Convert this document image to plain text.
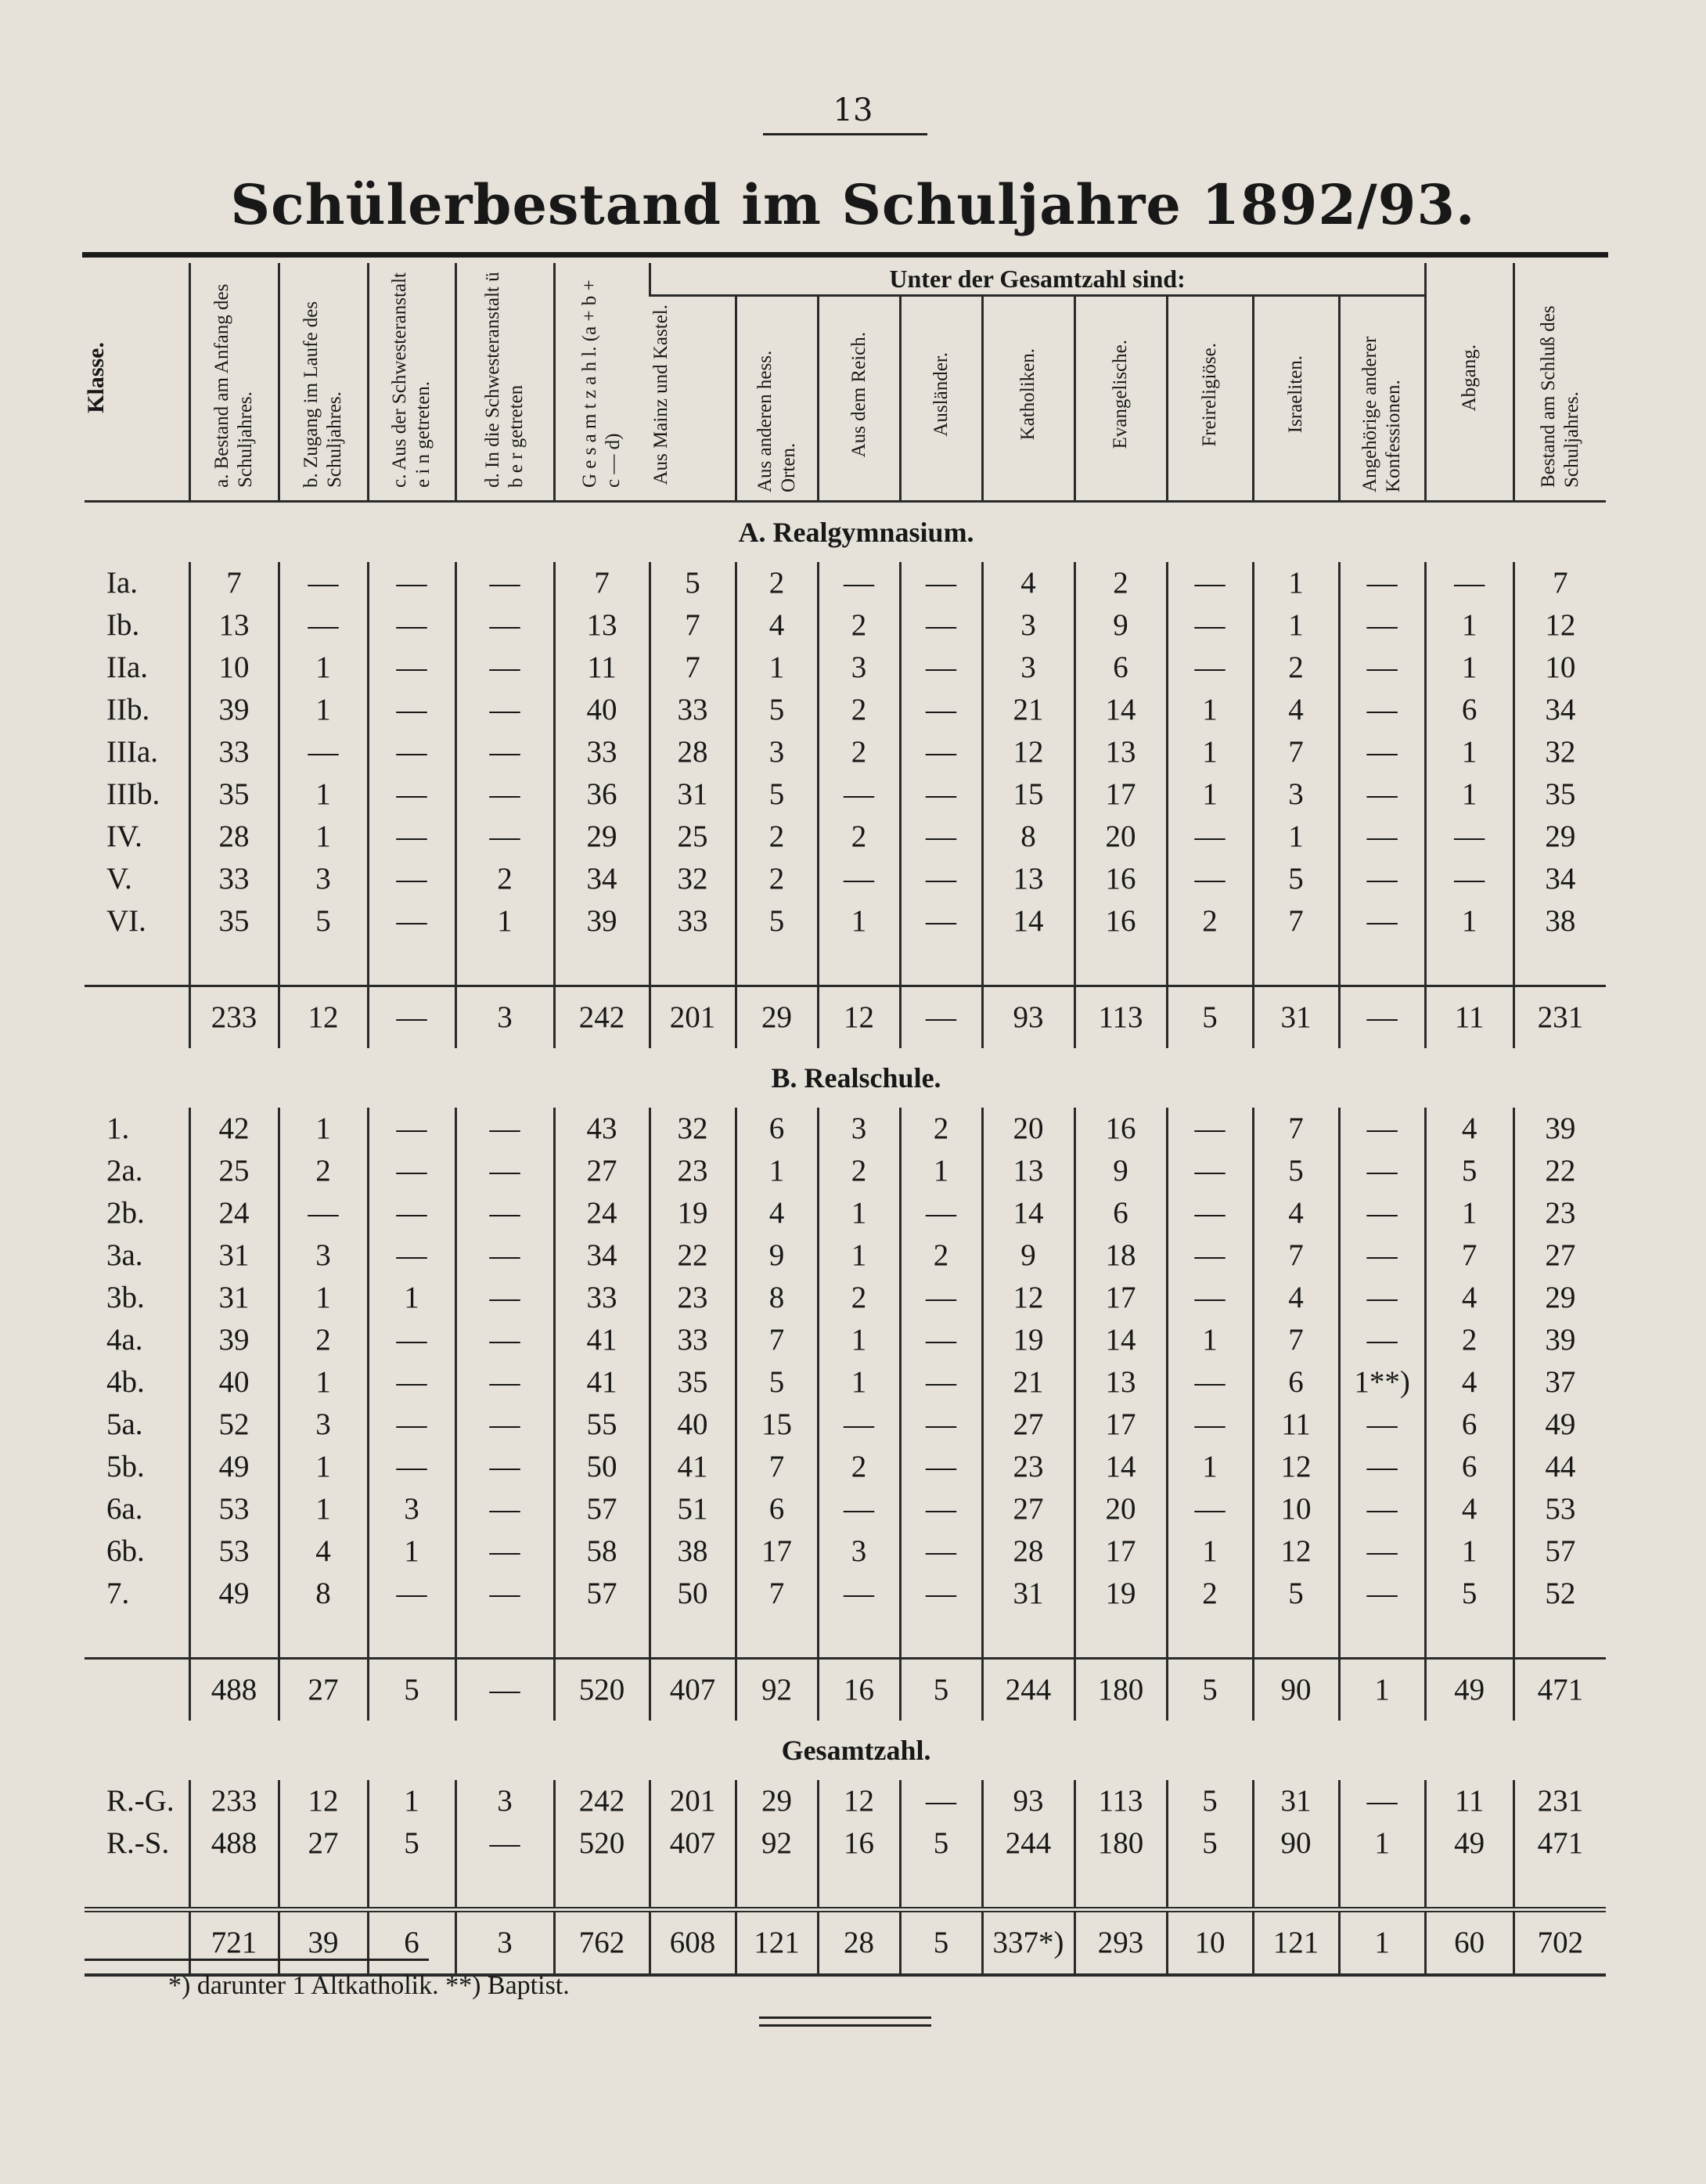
13
Schülerbestand im Schuljahre 1892/93.
Klasse.	a. Bestand am Anfang des Schuljahres.	b. Zugang im Laufe des Schuljahres.	c. Aus der Schwesteranstalt e i n getreten.	d. In die Schwesteranstalt ü b e r getreten	G e s a m t z a h l. (a + b + c — d)	Unter der Gesamtzahl sind:									Abgang.	Bestand am Schluß des Schuljahres.
						Aus Mainz und Kastel.	Aus anderen hess. Orten.	Aus dem Reich.	Ausländer.	Katholiken.	Evangelische.	Freireligiöse.	Israeliten.	Angehörige anderer Konfessionen.		
A. Realgymnasium.																
Ia.	7	—	—	—	7	5	2	—	—	4	2	—	1	—	—	7
Ib.	13	—	—	—	13	7	4	2	—	3	9	—	1	—	1	12
IIa.	10	1	—	—	11	7	1	3	—	3	6	—	2	—	1	10
IIb.	39	1	—	—	40	33	5	2	—	21	14	1	4	—	6	34
IIIa.	33	—	—	—	33	28	3	2	—	12	13	1	7	—	1	32
IIIb.	35	1	—	—	36	31	5	—	—	15	17	1	3	—	1	35
IV.	28	1	—	—	29	25	2	2	—	8	20	—	1	—	—	29
V.	33	3	—	2	34	32	2	—	—	13	16	—	5	—	—	34
VI.	35	5	—	1	39	33	5	1	—	14	16	2	7	—	1	38

	233	12	—	3	242	201	29	12	—	93	113	5	31	—	11	231
B. Realschule.																
1.	42	1	—	—	43	32	6	3	2	20	16	—	7	—	4	39
2a.	25	2	—	—	27	23	1	2	1	13	9	—	5	—	5	22
2b.	24	—	—	—	24	19	4	1	—	14	6	—	4	—	1	23
3a.	31	3	—	—	34	22	9	1	2	9	18	—	7	—	7	27
3b.	31	1	1	—	33	23	8	2	—	12	17	—	4	—	4	29
4a.	39	2	—	—	41	33	7	1	—	19	14	1	7	—	2	39
4b.	40	1	—	—	41	35	5	1	—	21	13	—	6	1**)	4	37
5a.	52	3	—	—	55	40	15	—	—	27	17	—	11	—	6	49
5b.	49	1	—	—	50	41	7	2	—	23	14	1	12	—	6	44
6a.	53	1	3	—	57	51	6	—	—	27	20	—	10	—	4	53
6b.	53	4	1	—	58	38	17	3	—	28	17	1	12	—	1	57
7.	49	8	—	—	57	50	7	—	—	31	19	2	5	—	5	52

	488	27	5	—	520	407	92	16	5	244	180	5	90	1	49	471
Gesamtzahl.																
R.-G.	233	12	1	3	242	201	29	12	—	93	113	5	31	—	11	231
R.-S.	488	27	5	—	520	407	92	16	5	244	180	5	90	1	49	471

	721	39	6	3	762	608	121	28	5	337*)	293	10	121	1	60	702
*) darunter 1 Altkatholik. **) Baptist.
